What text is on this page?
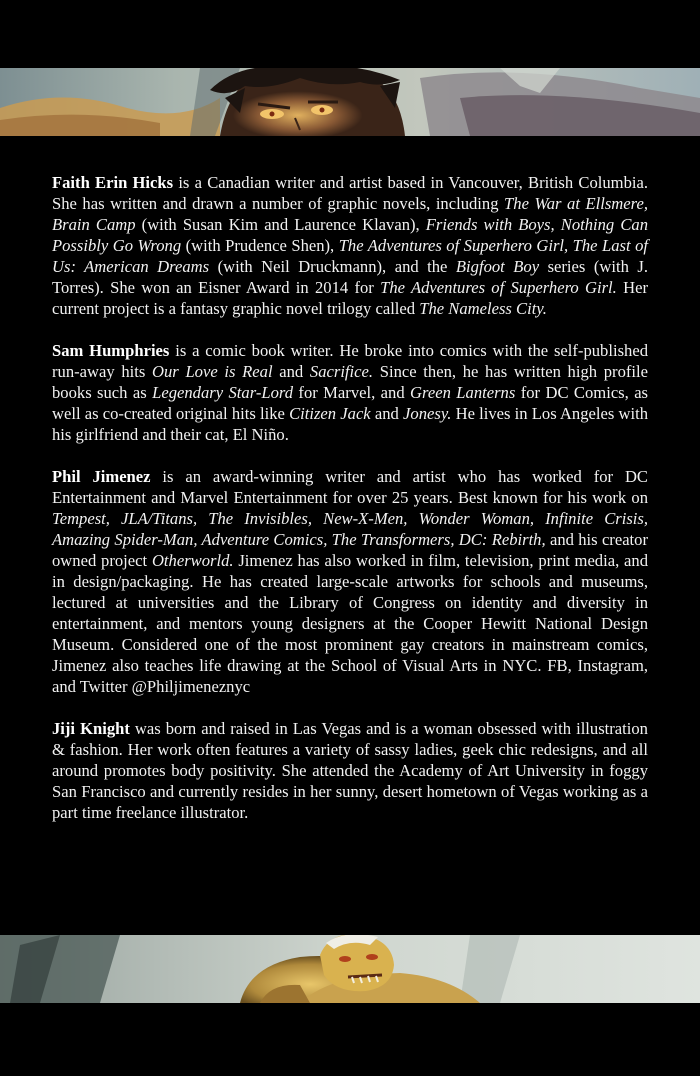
Faith Erin Hicks is a Canadian writer and artist based in Vancouver, British Columbia. She has written and drawn a number of graphic novels, including The War at Ellsmere, Brain Camp (with Susan Kim and Laurence Klavan), Friends with Boys, Nothing Can Possibly Go Wrong (with Prudence Shen), The Adventures of Superhero Girl, The Last of Us: American Dreams (with Neil Druckmann), and the Bigfoot Boy series (with J. Torres). She won an Eisner Award in 2014 for The Adventures of Superhero Girl. Her current project is a fantasy graphic novel trilogy called The Nameless City.

Sam Humphries is a comic book writer. He broke into comics with the self-published run-away hits Our Love is Real and Sacrifice. Since then, he has written high profile books such as Legendary Star-Lord for Marvel, and Green Lanterns for DC Comics, as well as co-created original hits like Citizen Jack and Jonesy. He lives in Los Angeles with his girlfriend and their cat, El Niño.

Phil Jimenez is an award-winning writer and artist who has worked for DC Entertainment and Marvel Entertainment for over 25 years. Best known for his work on Tempest, JLA/Titans, The Invisibles, New-X-Men, Wonder Woman, Infinite Crisis, Amazing Spider-Man, Adventure Comics, The Transformers, DC: Rebirth, and his creator owned project Otherworld. Jimenez has also worked in film, television, print media, and in design/packaging. He has created large-scale artworks for schools and museums, lectured at universities and the Library of Congress on identity and diversity in entertainment, and mentors young designers at the Cooper Hewitt National Design Museum. Considered one of the most prominent gay creators in mainstream comics, Jimenez also teaches life drawing at the School of Visual Arts in NYC. FB, Instagram, and Twitter @Philjimeneznyc

Jiji Knight was born and raised in Las Vegas and is a woman obsessed with illustration & fashion. Her work often features a variety of sassy ladies, geek chic redesigns, and all around promotes body positivity. She attended the Academy of Art University in foggy San Francisco and currently resides in her sunny, desert hometown of Vegas working as a part time freelance illustrator.
